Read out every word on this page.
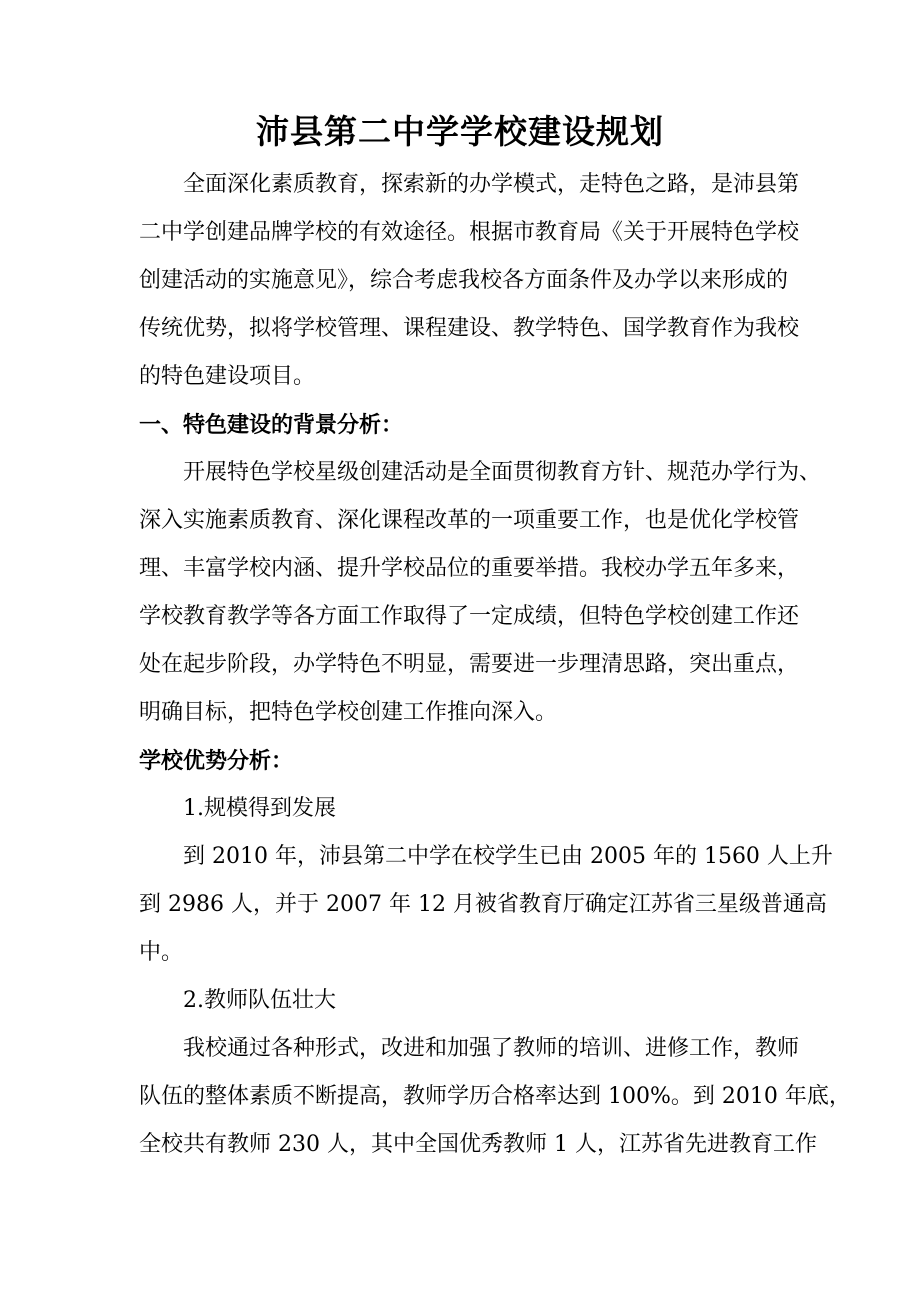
沛县第二中学学校建设规划
全面深化素质教育，探索新的办学模式，走特色之路，是沛县第
二中学创建品牌学校的有效途径。根据市教育局《关于开展特色学校
创建活动的实施意见》，综合考虑我校各方面条件及办学以来形成的
传统优势，拟将学校管理、课程建设、教学特色、国学教育作为我校
的特色建设项目。
一、特色建设的背景分析：
开展特色学校星级创建活动是全面贯彻教育方针、规范办学行为、
深入实施素质教育、深化课程改革的一项重要工作，也是优化学校管
理、丰富学校内涵、提升学校品位的重要举措。我校办学五年多来，
学校教育教学等各方面工作取得了一定成绩，但特色学校创建工作还
处在起步阶段，办学特色不明显，需要进一步理清思路，突出重点，
明确目标，把特色学校创建工作推向深入。
学校优势分析：
1.规模得到发展
到 2010 年，沛县第二中学在校学生已由 2005 年的 1560 人上升
到 2986 人，并于 2007 年 12 月被省教育厅确定江苏省三星级普通高
中。
2.教师队伍壮大
我校通过各种形式，改进和加强了教师的培训、进修工作，教师
队伍的整体素质不断提高，教师学历合格率达到 100%。到 2010 年底，
全校共有教师 230 人，其中全国优秀教师 1 人，江苏省先进教育工作
